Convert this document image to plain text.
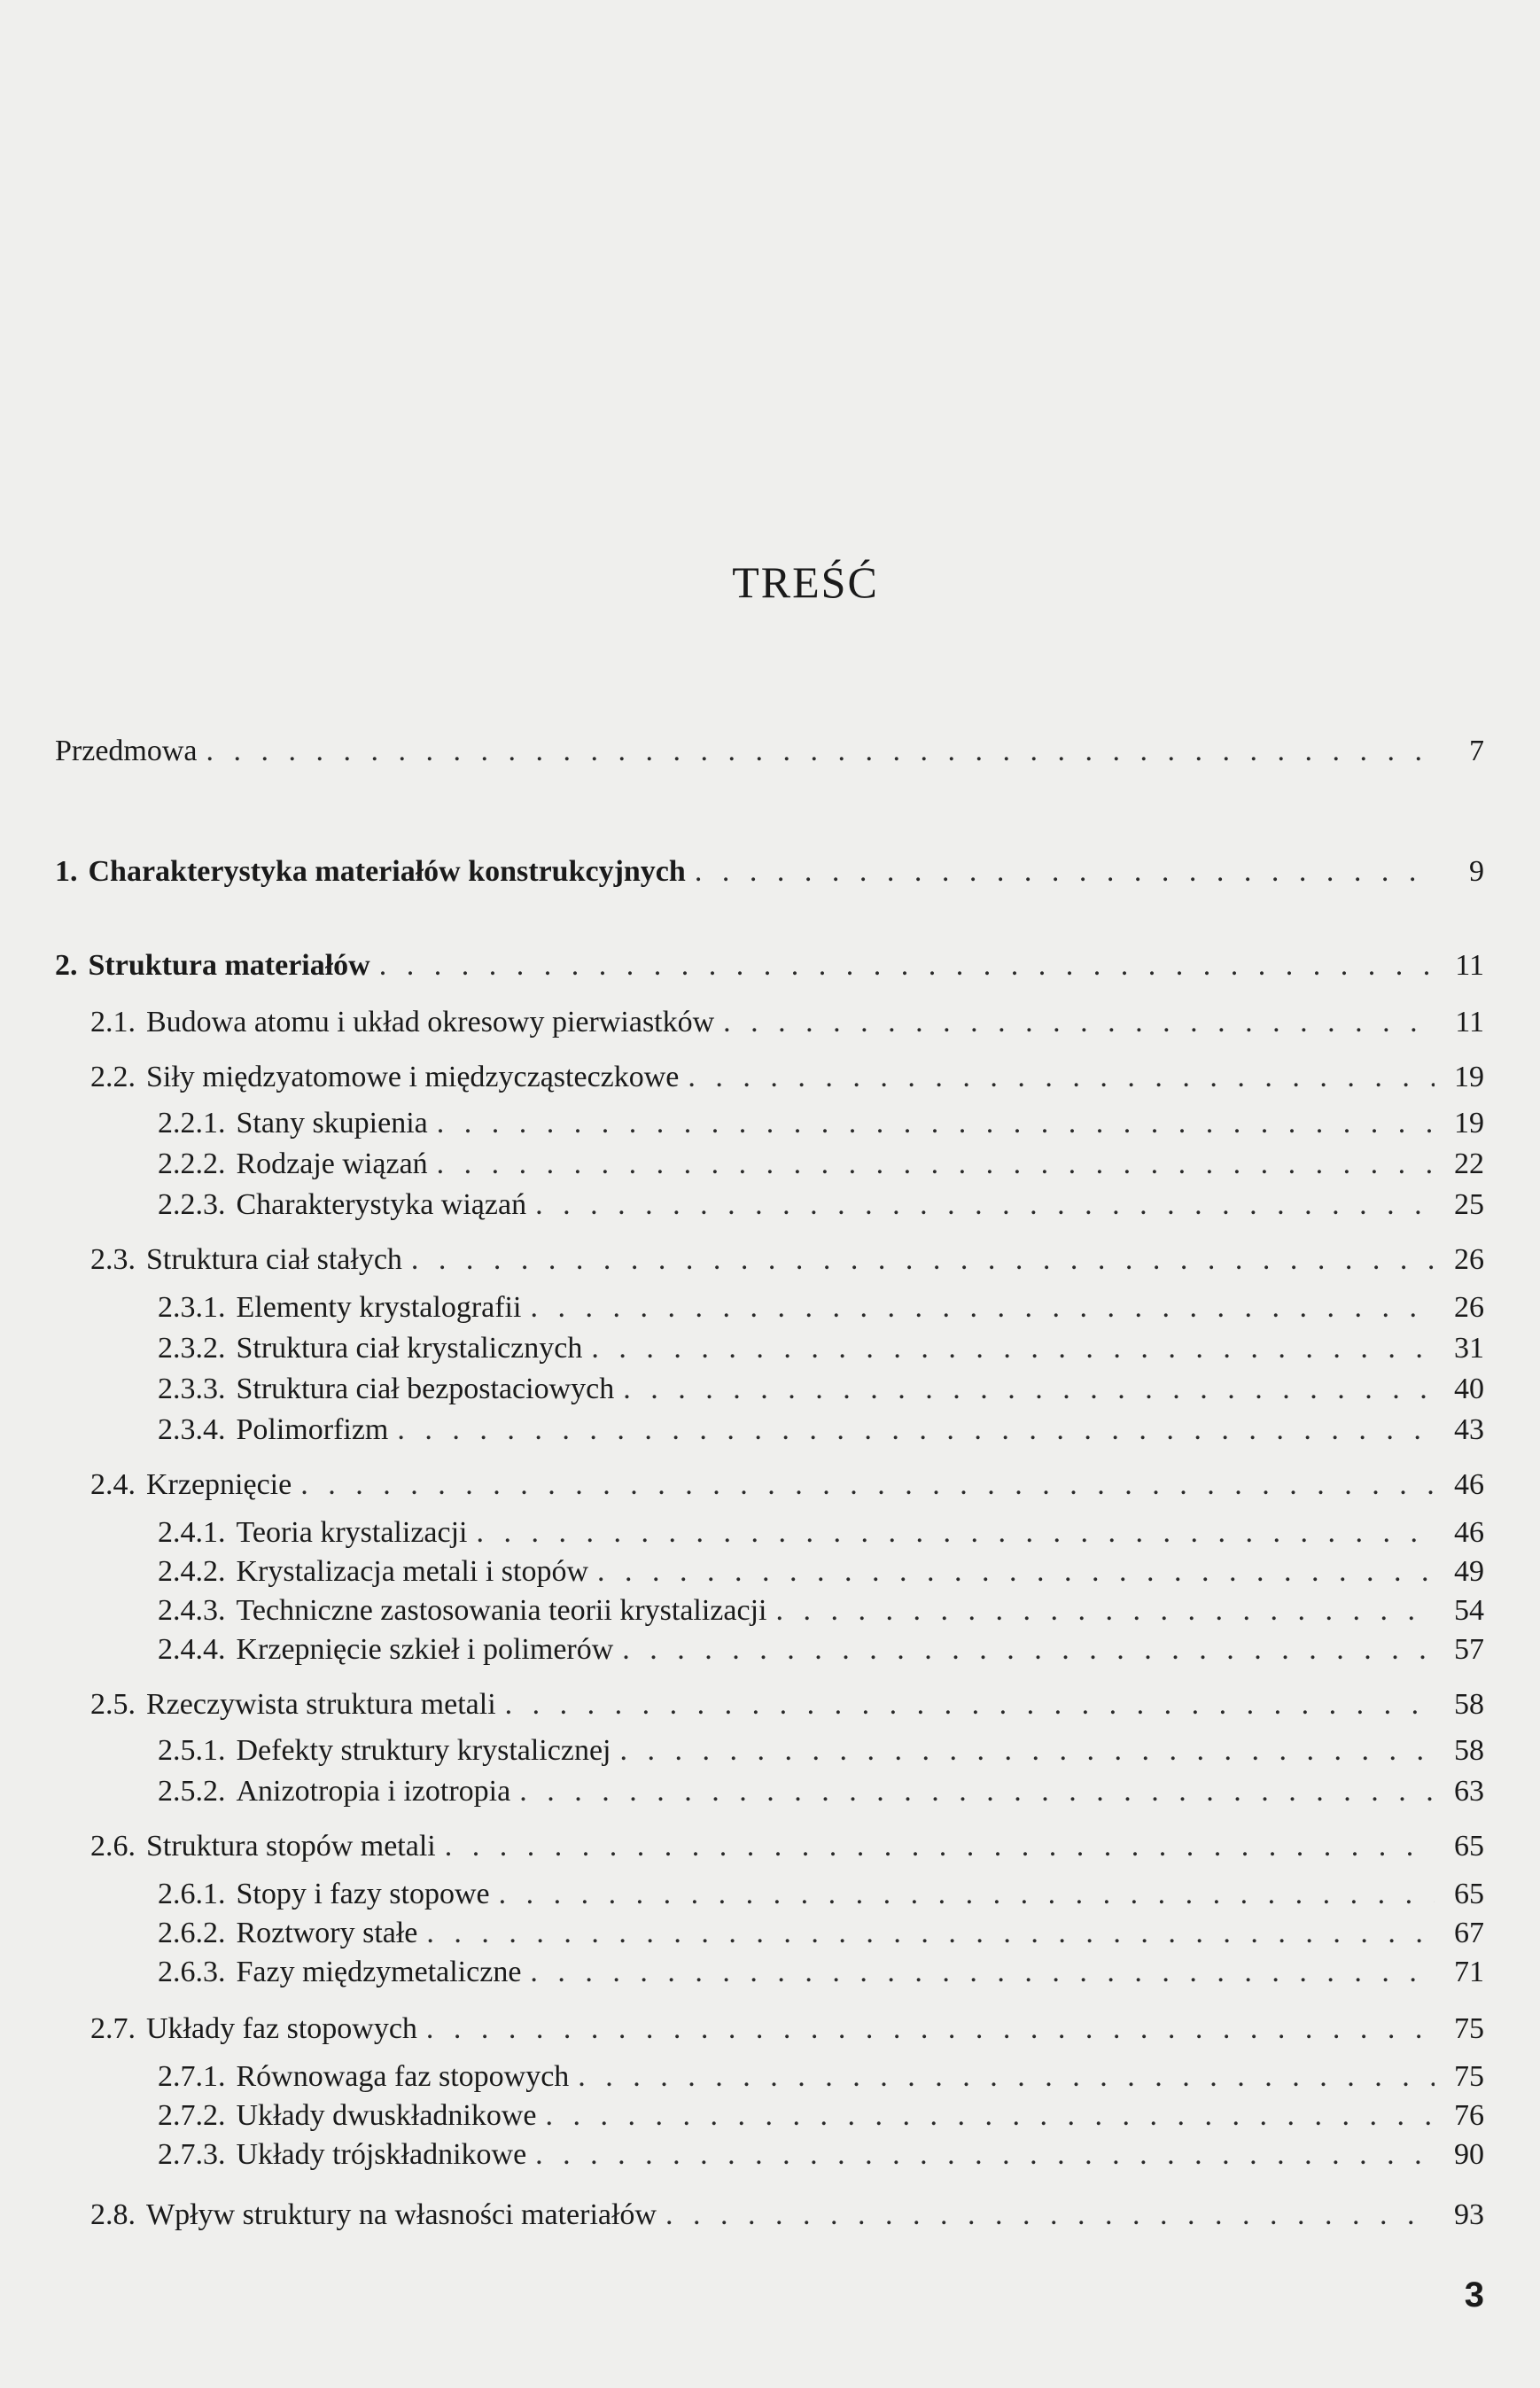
TREŚĆ
Przedmowa . . .	7
1. Charakterystyka materiałów konstrukcyjnych . . .	9
2. Struktura materiałów . . .	11
2.1. Budowa atomu i układ okresowy pierwiastków . . .	11
2.2. Siły międzyatomowe i międzycząsteczkowe . . .	19
2.2.1. Stany skupienia . . .	19
2.2.2. Rodzaje wiązań . . .	22
2.2.3. Charakterystyka wiązań . . .	25
2.3. Struktura ciał stałych . . .	26
2.3.1. Elementy krystalografii . . .	26
2.3.2. Struktura ciał krystalicznych . . .	31
2.3.3. Struktura ciał bezpostaciowych . . .	40
2.3.4. Polimorfizm . . .	43
2.4. Krzepnięcie . . .	46
2.4.1. Teoria krystalizacji . . .	46
2.4.2. Krystalizacja metali i stopów . . .	49
2.4.3. Techniczne zastosowania teorii krystalizacji . . .	54
2.4.4. Krzepnięcie szkieł i polimerów . . .	57
2.5. Rzeczywista struktura metali . . .	58
2.5.1. Defekty struktury krystalicznej . . .	58
2.5.2. Anizotropia i izotropia . . .	63
2.6. Struktura stopów metali . . .	65
2.6.1. Stopy i fazy stopowe . . .	65
2.6.2. Roztwory stałe . . .	67
2.6.3. Fazy międzymetaliczne . . .	71
2.7. Układy faz stopowych . . .	75
2.7.1. Równowaga faz stopowych . . .	75
2.7.2. Układy dwuskładnikowe . . .	76
2.7.3. Układy trójskładnikowe . . .	90
2.8. Wpływ struktury na własności materiałów . . .	93
3
